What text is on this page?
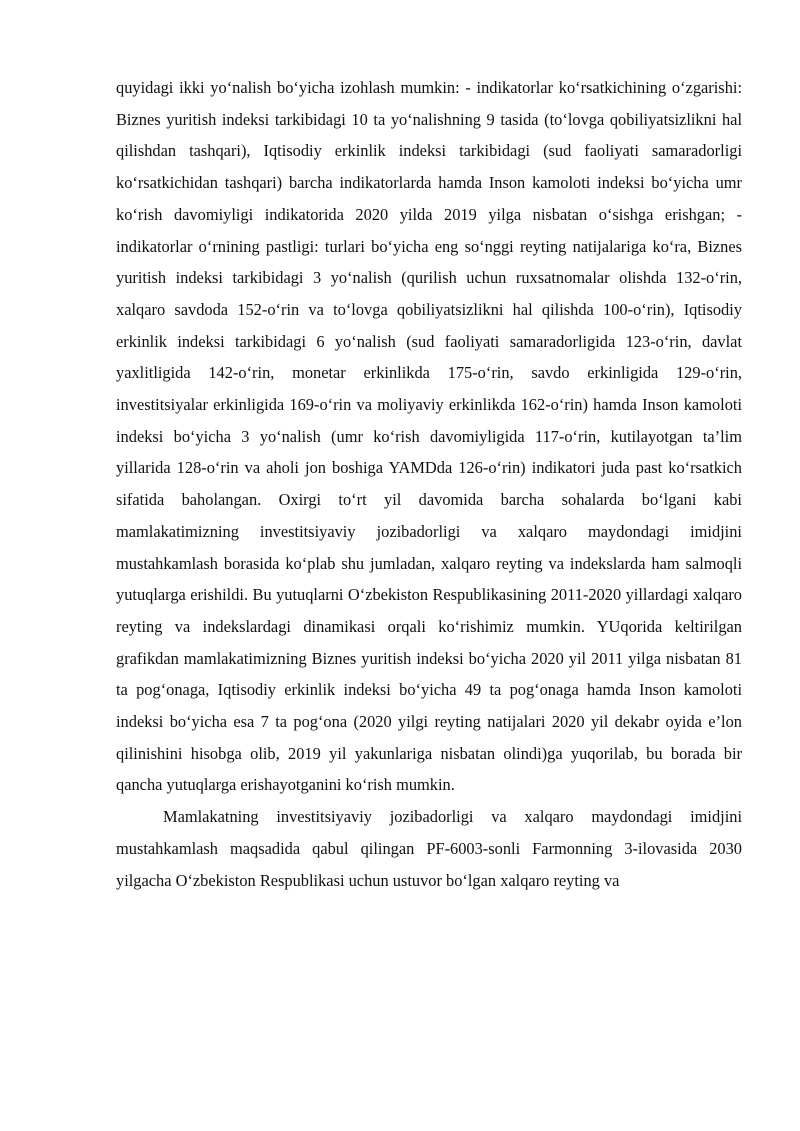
quyidagi ikki yo‘nalish bo‘yicha izohlash mumkin: - indikatorlar ko‘rsatkichining o‘zgarishi: Biznes yuritish indeksi tarkibidagi 10 ta yo‘nalishning 9 tasida (to‘lovga qobiliyatsizlikni hal qilishdan tashqari), Iqtisodiy erkinlik indeksi tarkibidagi (sud faoliyati samaradorligi ko‘rsatkichidan tashqari) barcha indikatorlarda hamda Inson kamoloti indeksi bo‘yicha umr ko‘rish davomiyligi indikatorida 2020 yilda 2019 yilga nisbatan o‘sishga erishgan; - indikatorlar o‘rnining pastligi: turlari bo‘yicha eng so‘nggi reyting natijalariga ko‘ra, Biznes yuritish indeksi tarkibidagi 3 yo‘nalish (qurilish uchun ruxsatnomalar olishda 132-o‘rin, xalqaro savdoda 152-o‘rin va to‘lovga qobiliyatsizlikni hal qilishda 100-o‘rin), Iqtisodiy erkinlik indeksi tarkibidagi 6 yo‘nalish (sud faoliyati samaradorligida 123-o‘rin, davlat yaxlitligida 142-o‘rin, monetar erkinlikda 175-o‘rin, savdo erkinligida 129-o‘rin, investitsiyalar erkinligida 169-o‘rin va moliyaviy erkinlikda 162-o‘rin) hamda Inson kamoloti indeksi bo‘yicha 3 yo‘nalish (umr ko‘rish davomiyligida 117-o‘rin, kutilayotgan ta’lim yillarida 128-o‘rin va aholi jon boshiga YAMDda 126-o‘rin) indikatori juda past ko‘rsatkich sifatida baholangan. Oxirgi to‘rt yil davomida barcha sohalarda bo‘lgani kabi mamlakatimizning investitsiyaviy jozibadorligi va xalqaro maydondagi imidjini mustahkamlash borasida ko‘plab shu jumladan, xalqaro reyting va indekslarda ham salmoqli yutuqlarga erishildi. Bu yutuqlarni O‘zbekiston Respublikasining 2011-2020 yillardagi xalqaro reyting va indekslardagi dinamikasi orqali ko‘rishimiz mumkin. YUqorida keltirilgan grafikdan mamlakatimizning Biznes yuritish indeksi bo‘yicha 2020 yil 2011 yilga nisbatan 81 ta pog‘onaga, Iqtisodiy erkinlik indeksi bo‘yicha 49 ta pog‘onaga hamda Inson kamoloti indeksi bo‘yicha esa 7 ta pog‘ona (2020 yilgi reyting natijalari 2020 yil dekabr oyida e’lon qilinishini hisobga olib, 2019 yil yakunlariga nisbatan olindi)ga yuqorilab, bu borada bir qancha yutuqlarga erishayotganini ko‘rish mumkin.

Mamlakatning investitsiyaviy jozibadorligi va xalqaro maydondagi imidjini mustahkamlash maqsadida qabul qilingan PF-6003-sonli Farmonning 3-ilovasida 2030 yilgacha O‘zbekiston Respublikasi uchun ustuvor bo‘lgan xalqaro reyting va
